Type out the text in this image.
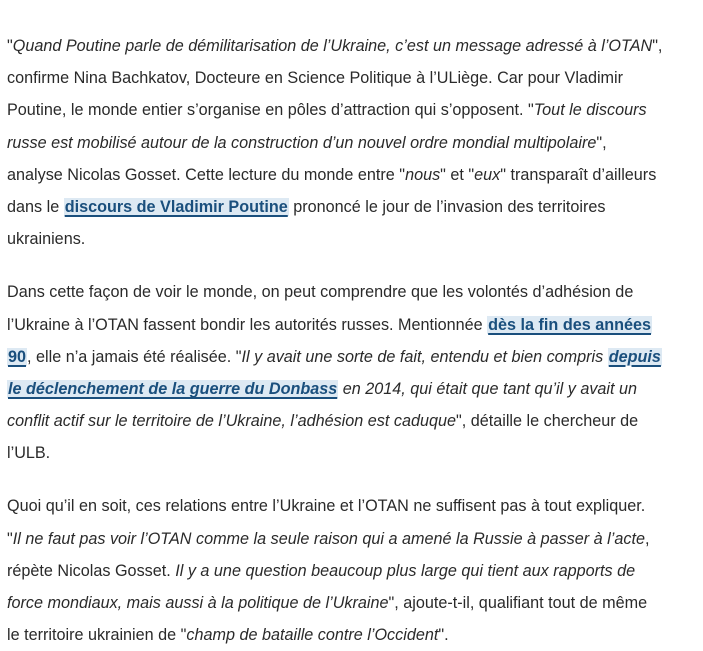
"Quand Poutine parle de démilitarisation de l’Ukraine, c’est un message adressé à l’OTAN",
confirme Nina Bachkatov, Docteure en Science Politique à l’ULiège. Car pour Vladimir
Poutine, le monde entier s’organise en pôles d’attraction qui s’opposent. "Tout le discours
russe est mobilisé autour de la construction d’un nouvel ordre mondial multipolaire",
analyse Nicolas Gosset. Cette lecture du monde entre "nous" et "eux" transparaît d’ailleurs
dans le discours de Vladimir Poutine prononcé le jour de l’invasion des territoires
ukrainiens.

Dans cette façon de voir le monde, on peut comprendre que les volontés d’adhésion de
l’Ukraine à l’OTAN fassent bondir les autorités russes. Mentionnée dès la fin des années
90, elle n’a jamais été réalisée. "Il y avait une sorte de fait, entendu et bien compris depuis
le déclenchement de la guerre du Donbass en 2014, qui était que tant qu’il y avait un
conflit actif sur le territoire de l’Ukraine, l’adhésion est caduque", détaille le chercheur de
l’ULB.

Quoi qu’il en soit, ces relations entre l’Ukraine et l’OTAN ne suffisent pas à tout expliquer.
"Il ne faut pas voir l’OTAN comme la seule raison qui a amené la Russie à passer à l’acte,
répète Nicolas Gosset. Il y a une question beaucoup plus large qui tient aux rapports de
force mondiaux, mais aussi à la politique de l’Ukraine", ajoute-t-il, qualifiant tout de même
le territoire ukrainien de "champ de bataille contre l’Occident".
